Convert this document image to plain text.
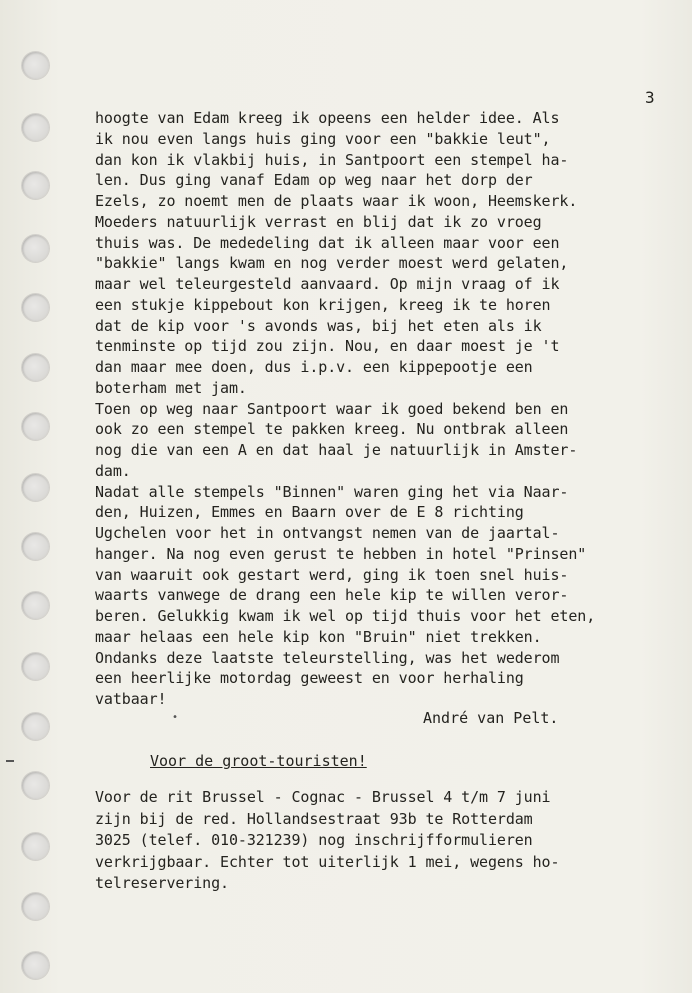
3
hoogte van Edam kreeg ik opeens een helder idee. Als
ik nou even langs huis ging voor een "bakkie leut",
dan kon ik vlakbij huis, in Santpoort een stempel ha-
len. Dus ging vanaf Edam op weg naar het dorp der
Ezels, zo noemt men de plaats waar ik woon, Heemskerk.
Moeders natuurlijk verrast en blij dat ik zo vroeg
thuis was. De mededeling dat ik alleen maar voor een
"bakkie" langs kwam en nog verder moest werd gelaten,
maar wel teleurgesteld aanvaard. Op mijn vraag of ik
een stukje kippebout kon krijgen, kreeg ik te horen
dat de kip voor 's avonds was, bij het eten als ik
tenminste op tijd zou zijn. Nou, en daar moest je 't
dan maar mee doen, dus i.p.v. een kippepootje een
boterham met jam.
Toen op weg naar Santpoort waar ik goed bekend ben en
ook zo een stempel te pakken kreeg. Nu ontbrak alleen
nog die van een A en dat haal je natuurlijk in Amster-
dam.
Nadat alle stempels "Binnen" waren ging het via Naar-
den, Huizen, Emmes en Baarn over de E 8 richting
Ugchelen voor het in ontvangst nemen van de jaartal-
hanger. Na nog even gerust te hebben in hotel "Prinsen"
van waaruit ook gestart werd, ging ik toen snel huis-
waarts vanwege de drang een hele kip te willen veror-
beren. Gelukkig kwam ik wel op tijd thuis voor het eten,
maar helaas een hele kip kon "Bruin" niet trekken.
Ondanks deze laatste teleurstelling, was het wederom
een heerlijke motordag geweest en voor herhaling
vatbaar!
•	André van Pelt.
Voor de groot-touristen!
Voor de rit Brussel - Cognac - Brussel 4 t/m 7 juni
zijn bij de red. Hollandsestraat 93b te Rotterdam
3025 (telef. 010-321239) nog inschrijfformulieren
verkrijgbaar. Echter tot uiterlijk 1 mei, wegens ho-
telreservering.
